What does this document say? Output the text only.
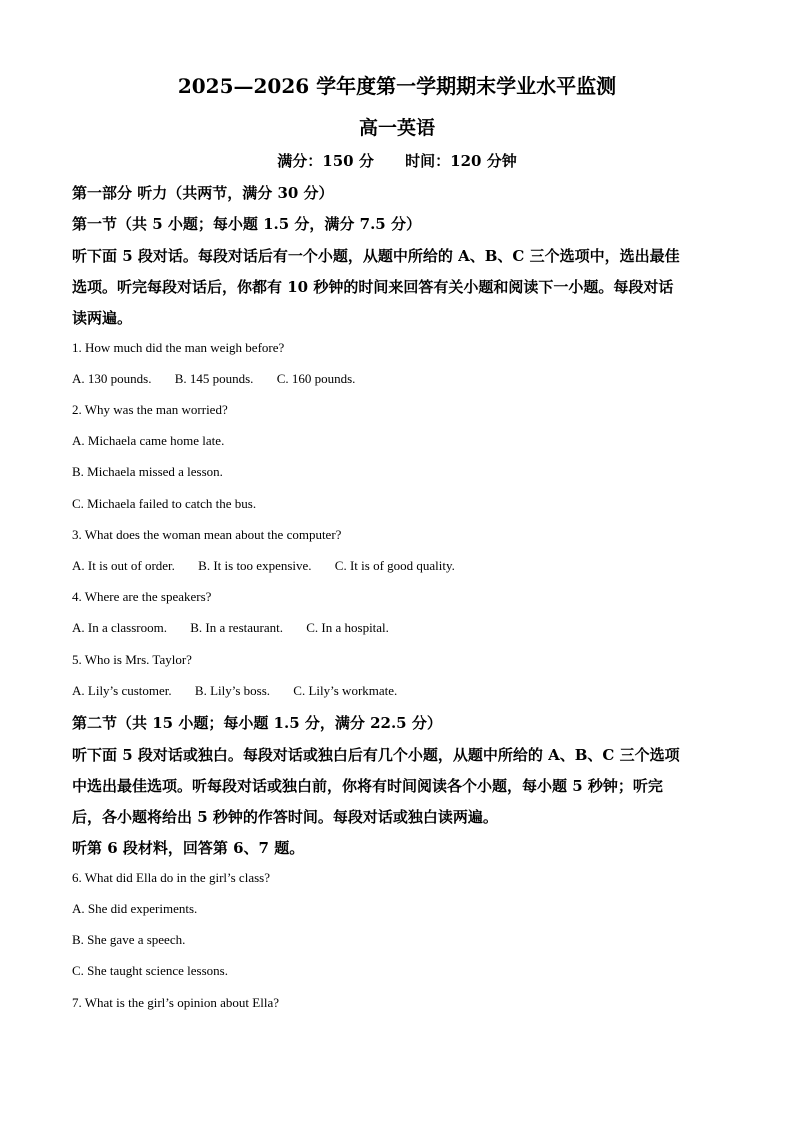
2025—2026 学年度第一学期期末学业水平监测
高一英语
满分：150 分      时间：120 分钟
第一部分 听力（共两节，满分 30 分）
第一节（共 5 小题；每小题 1.5 分，满分 7.5 分）
听下面 5 段对话。每段对话后有一个小题，从题中所给的 A、B、C 三个选项中，选出最佳
选项。听完每段对话后，你都有 10 秒钟的时间来回答有关小题和阅读下一小题。每段对话
读两遍。
1. How much did the man weigh before?
A. 130 pounds. B. 145 pounds. C. 160 pounds.
2. Why was the man worried?
A. Michaela came home late.
B. Michaela missed a lesson.
C. Michaela failed to catch the bus.
3. What does the woman mean about the computer?
A. It is out of order. B. It is too expensive. C. It is of good quality.
4. Where are the speakers?
A. In a classroom. B. In a restaurant. C. In a hospital.
5. Who is Mrs. Taylor?
A. Lily’s customer. B. Lily’s boss. C. Lily’s workmate.
第二节（共 15 小题；每小题 1.5 分，满分 22.5 分）
听下面 5 段对话或独白。每段对话或独白后有几个小题，从题中所给的 A、B、C 三个选项
中选出最佳选项。听每段对话或独白前，你将有时间阅读各个小题，每小题 5 秒钟；听完
后，各小题将给出 5 秒钟的作答时间。每段对话或独白读两遍。
听第 6 段材料，回答第 6、7 题。
6. What did Ella do in the girl’s class?
A. She did experiments.
B. She gave a speech.
C. She taught science lessons.
7. What is the girl’s opinion about Ella?
